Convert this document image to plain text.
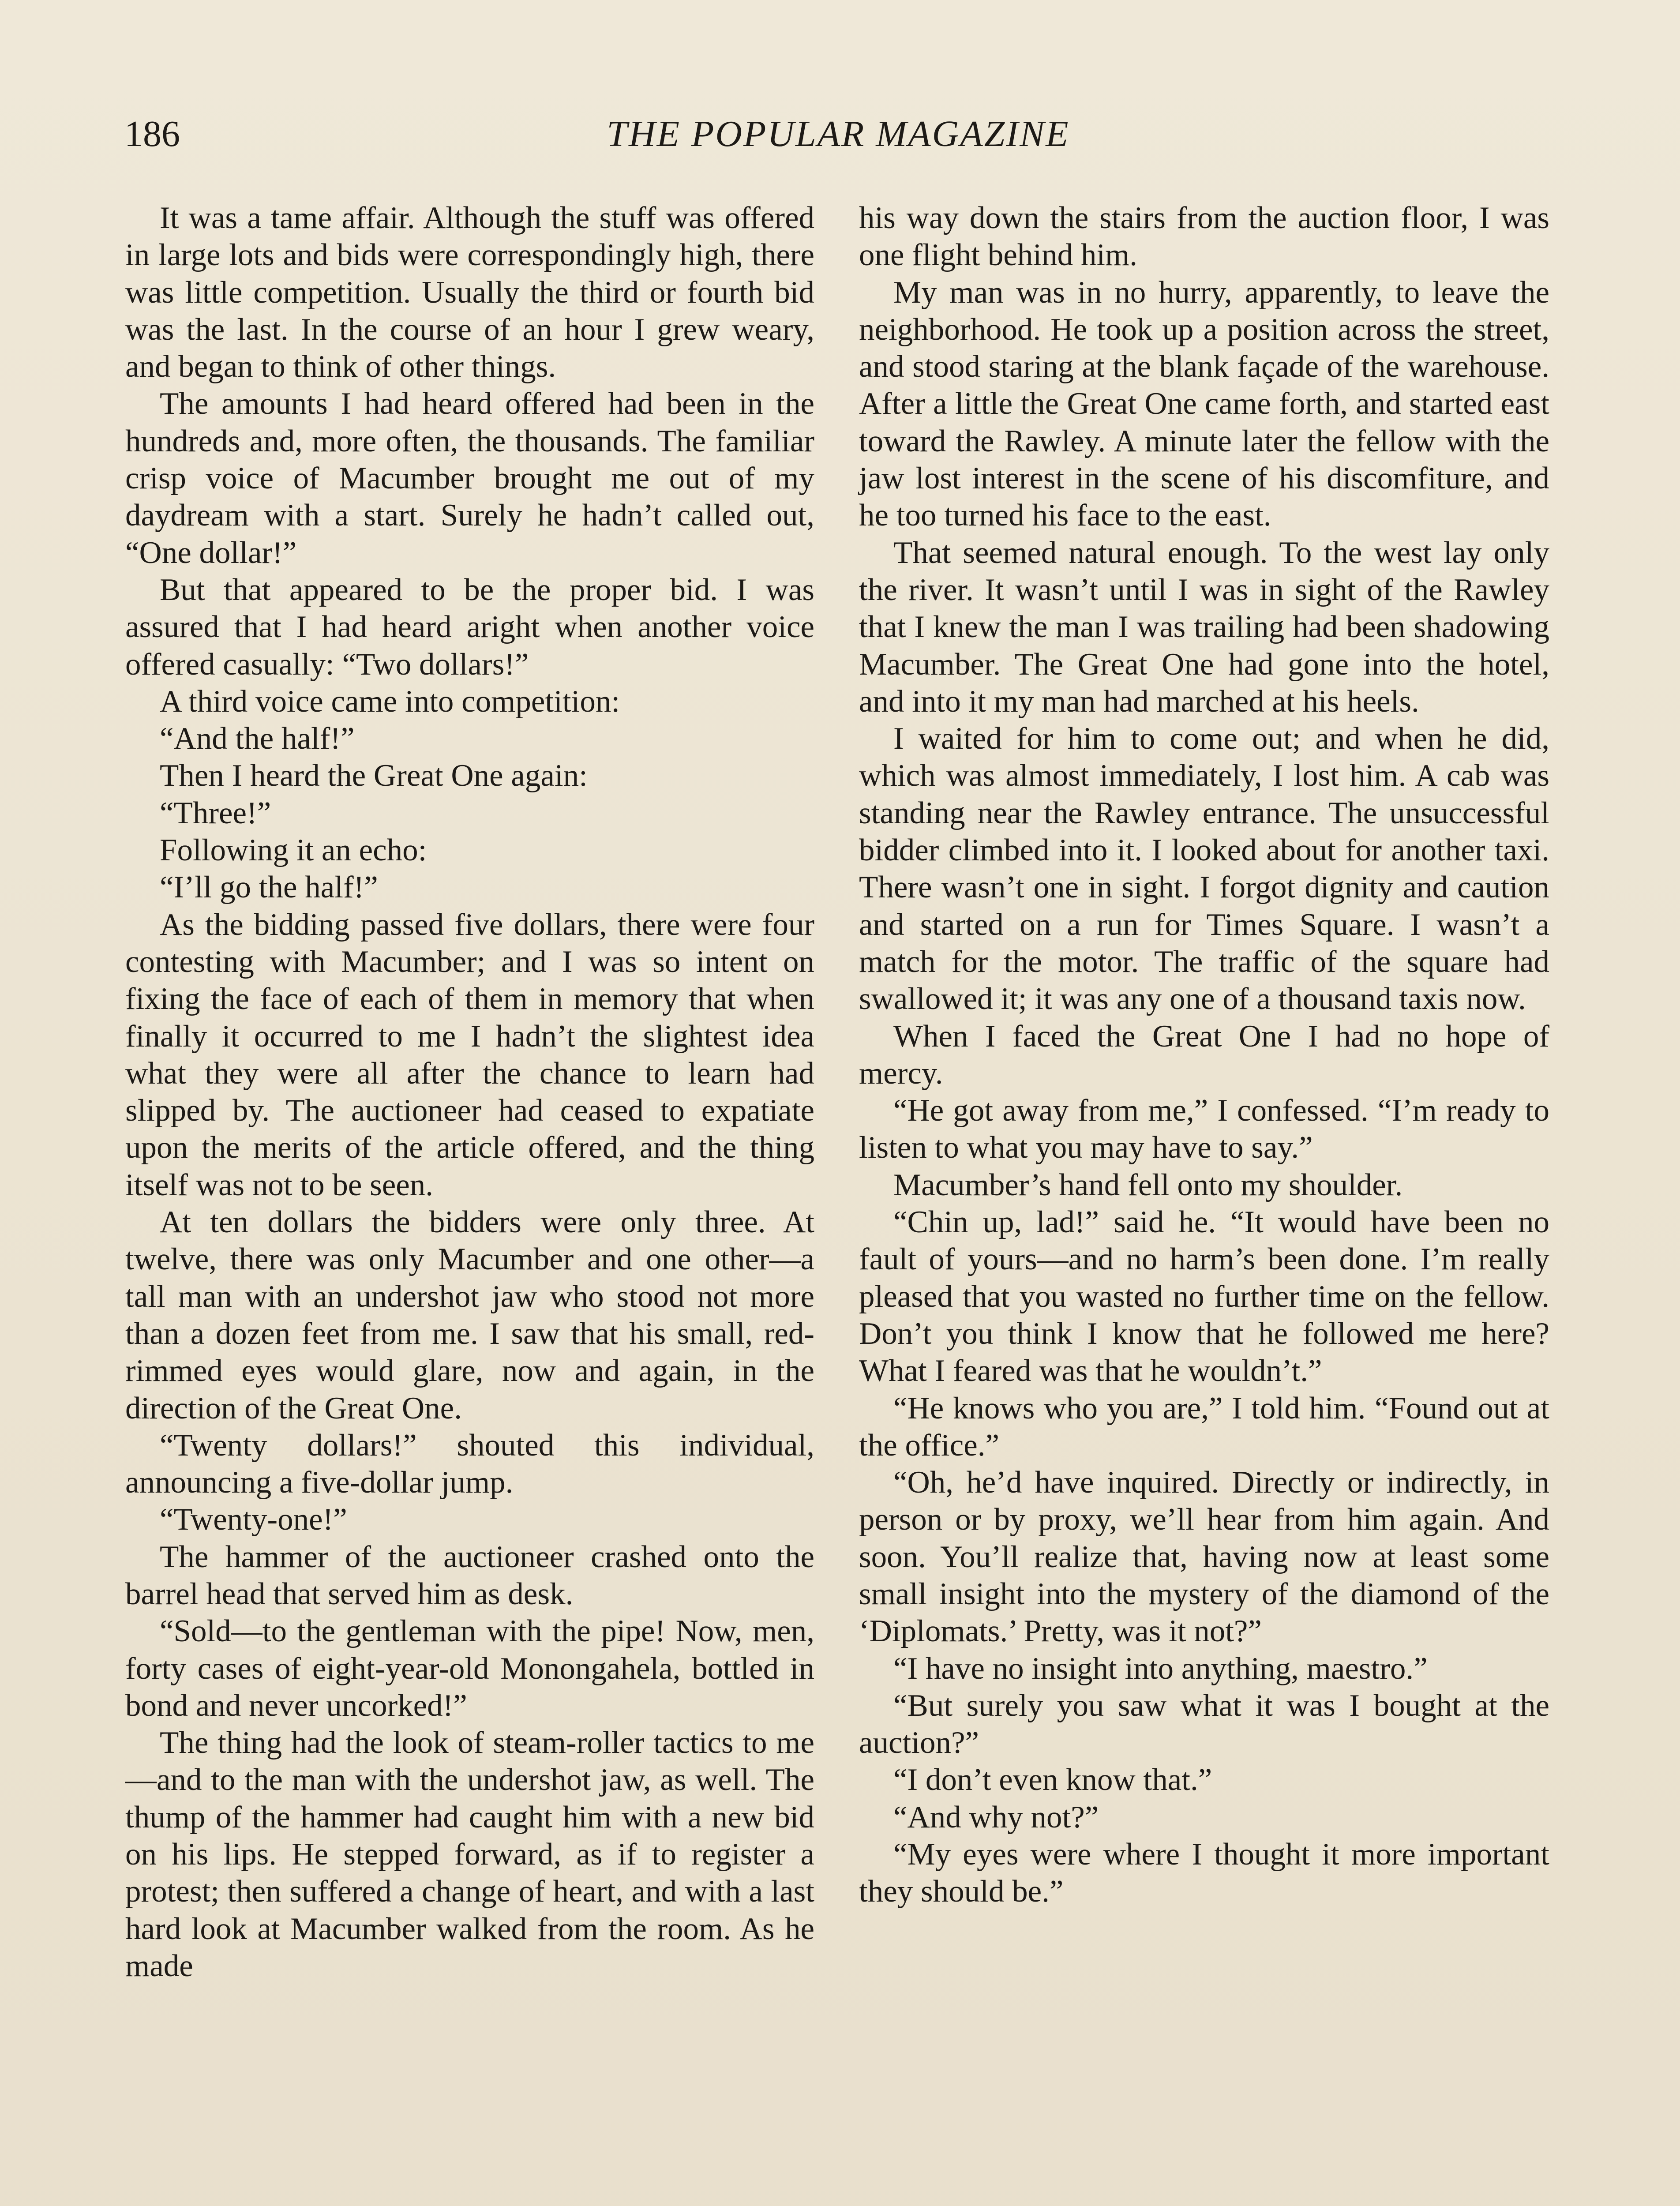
186	THE POPULAR MAGAZINE

It was a tame affair. Although the stuff was offered in large lots and bids were correspondingly high, there was little competition. Usually the third or fourth bid was the last. In the course of an hour I grew weary, and began to think of other things.

The amounts I had heard offered had been in the hundreds and, more often, the thousands. The familiar crisp voice of Macumber brought me out of my daydream with a start. Surely he hadn’t called out, “One dollar!”

But that appeared to be the proper bid. I was assured that I had heard aright when another voice offered casually: “Two dollars!”

A third voice came into competition:

“And the half!”

Then I heard the Great One again:

“Three!”

Following it an echo:

“I’ll go the half!”

As the bidding passed five dollars, there were four contesting with Macumber; and I was so intent on fixing the face of each of them in memory that when finally it occurred to me I hadn’t the slightest idea what they were all after the chance to learn had slipped by. The auctioneer had ceased to expatiate upon the merits of the article offered, and the thing itself was not to be seen.

At ten dollars the bidders were only three. At twelve, there was only Macumber and one other—a tall man with an undershot jaw who stood not more than a dozen feet from me. I saw that his small, red-rimmed eyes would glare, now and again, in the direction of the Great One.

“Twenty dollars!” shouted this individual, announcing a five-dollar jump.

“Twenty-one!”

The hammer of the auctioneer crashed onto the barrel head that served him as desk.

“Sold—to the gentleman with the pipe! Now, men, forty cases of eight-year-old Monongahela, bottled in bond and never uncorked!”

The thing had the look of steam-roller tactics to me—and to the man with the undershot jaw, as well. The thump of the hammer had caught him with a new bid on his lips. He stepped forward, as if to register a protest; then suffered a change of heart, and with a last hard look at Macumber walked from the room. As he made

his way down the stairs from the auction floor, I was one flight behind him.

My man was in no hurry, apparently, to leave the neighborhood. He took up a position across the street, and stood staring at the blank façade of the warehouse. After a little the Great One came forth, and started east toward the Rawley. A minute later the fellow with the jaw lost interest in the scene of his discomfiture, and he too turned his face to the east.

That seemed natural enough. To the west lay only the river. It wasn’t until I was in sight of the Rawley that I knew the man I was trailing had been shadowing Macumber. The Great One had gone into the hotel, and into it my man had marched at his heels.

I waited for him to come out; and when he did, which was almost immediately, I lost him. A cab was standing near the Rawley entrance. The unsuccessful bidder climbed into it. I looked about for another taxi. There wasn’t one in sight. I forgot dignity and caution and started on a run for Times Square. I wasn’t a match for the motor. The traffic of the square had swallowed it; it was any one of a thousand taxis now.

When I faced the Great One I had no hope of mercy.

“He got away from me,” I confessed. “I’m ready to listen to what you may have to say.”

Macumber’s hand fell onto my shoulder.

“Chin up, lad!” said he. “It would have been no fault of yours—and no harm’s been done. I’m really pleased that you wasted no further time on the fellow. Don’t you think I know that he followed me here? What I feared was that he wouldn’t.”

“He knows who you are,” I told him. “Found out at the office.”

“Oh, he’d have inquired. Directly or indirectly, in person or by proxy, we’ll hear from him again. And soon. You’ll realize that, having now at least some small insight into the mystery of the diamond of the ‘Diplomats.’ Pretty, was it not?”

“I have no insight into anything, maestro.”

“But surely you saw what it was I bought at the auction?”

“I don’t even know that.”

“And why not?”

“My eyes were where I thought it more important they should be.”
